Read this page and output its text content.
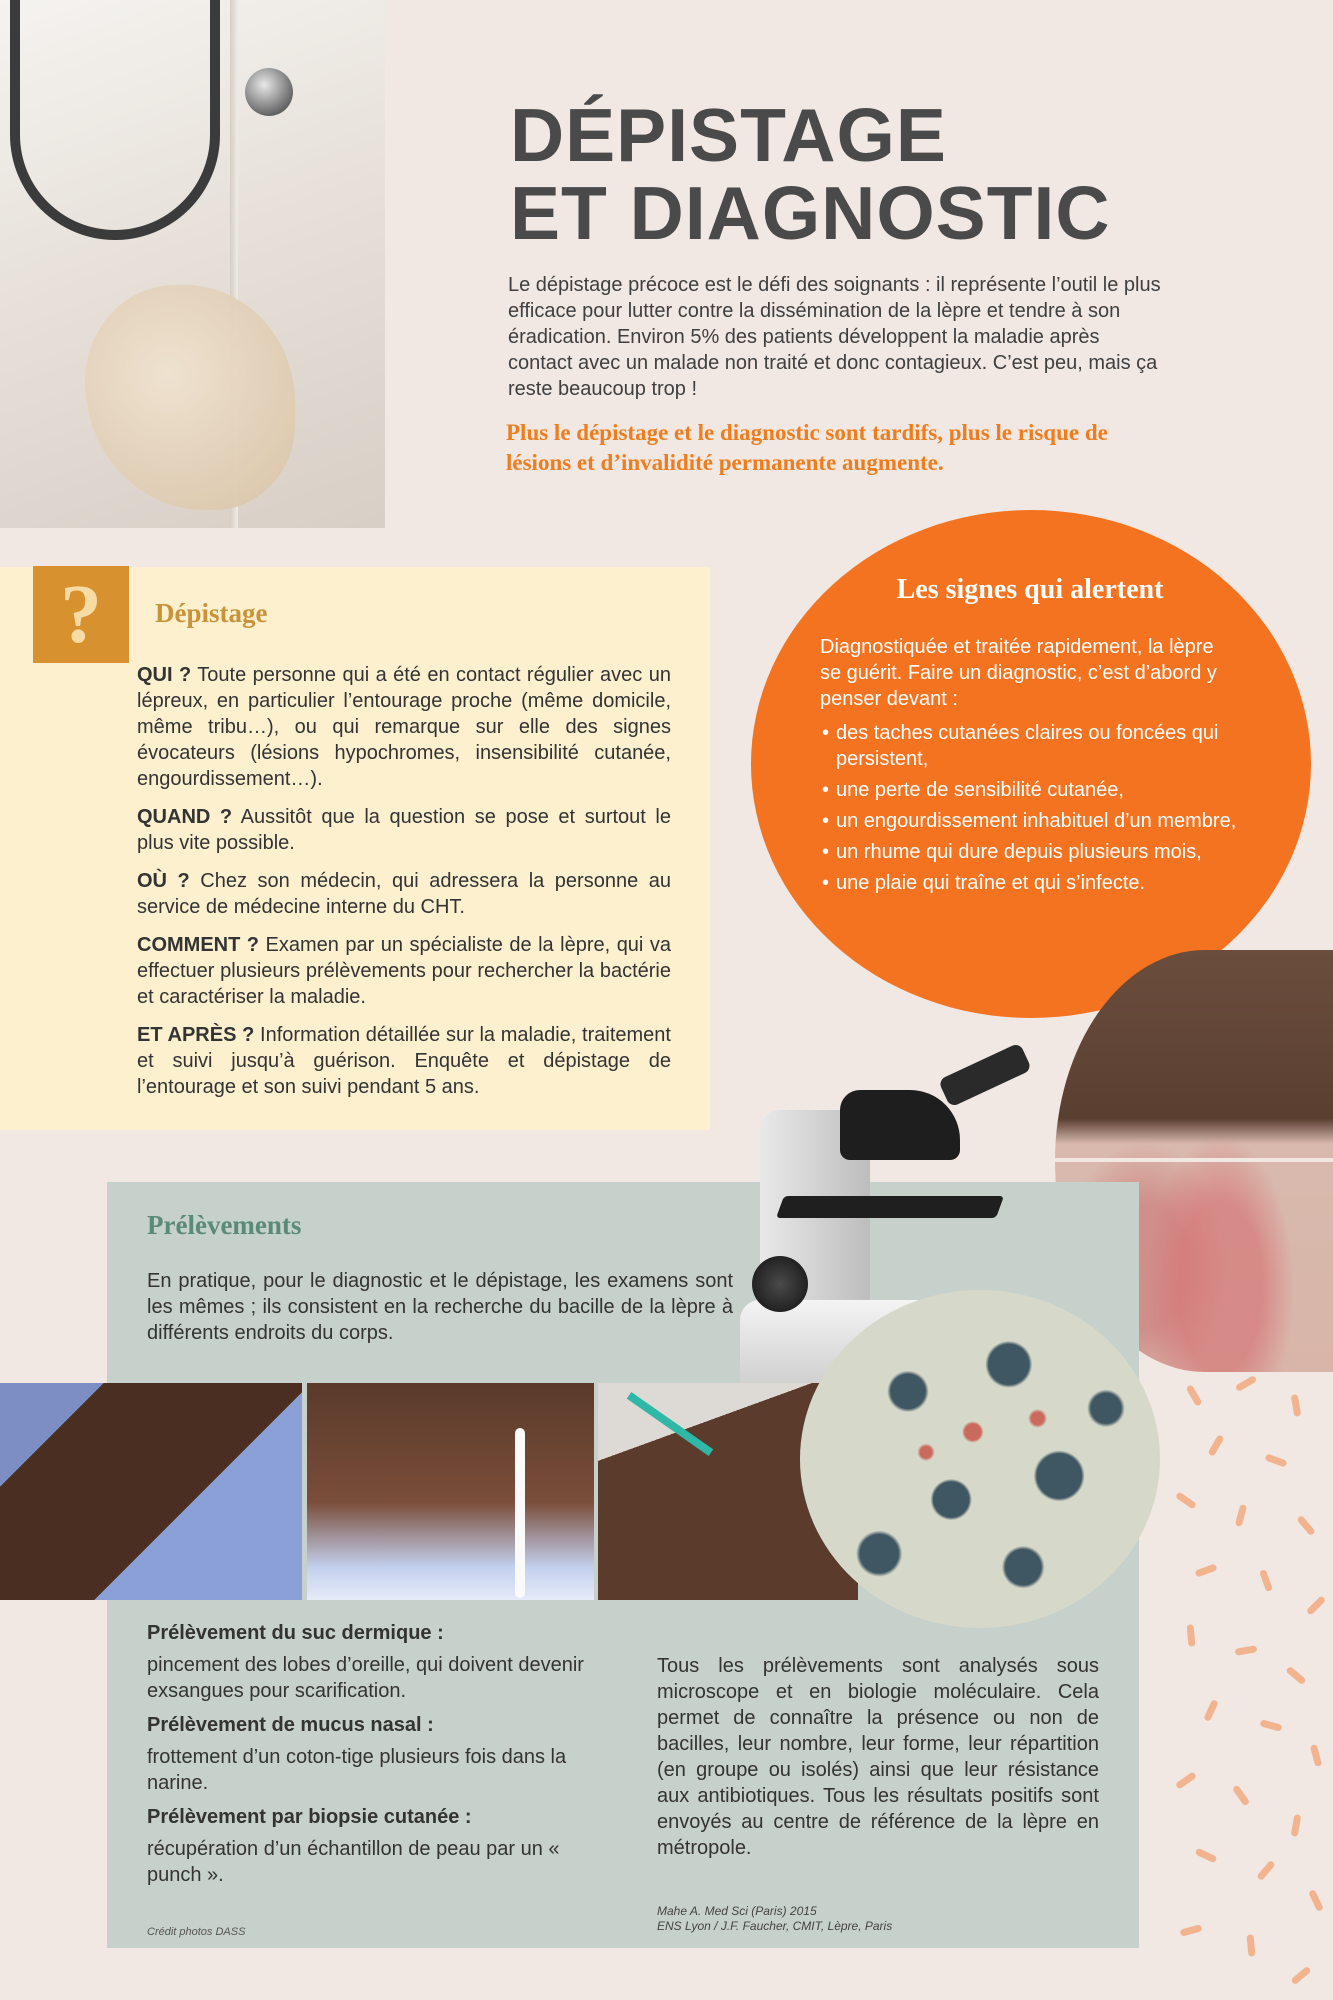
DÉPISTAGE
ET DIAGNOSTIC

Le dépistage précoce est le défi des soignants : il représente l’outil le plus efficace pour lutter contre la dissémination de la lèpre et tendre à son éradication. Environ 5% des patients développent la maladie après contact avec un malade non traité et donc contagieux. C’est peu, mais ça reste beaucoup trop !

Plus le dépistage et le diagnostic sont tardifs, plus le risque de lésions et d’invalidité permanente augmente.

?	Dépistage

QUI ? Toute personne qui a été en contact régulier avec un lépreux, en particulier l’entourage proche (même domicile, même tribu…), ou qui remarque sur elle des signes évocateurs (lésions hypochromes, insensibilité cutanée, engourdissement…).

QUAND ? Aussitôt que la question se pose et surtout le plus vite possible.

OÙ ? Chez son médecin, qui adressera la personne au service de médecine interne du CHT.

COMMENT ? Examen par un spécialiste de la lèpre, qui va effectuer plusieurs prélèvements pour rechercher la bactérie et caractériser la maladie.

ET APRÈS ? Information détaillée sur la maladie, traitement et suivi jusqu’à guérison. Enquête et dépistage de l’entourage et son suivi pendant 5 ans.

Les signes qui alertent

Diagnostiquée et traitée rapidement, la lèpre se guérit. Faire un diagnostic, c’est d’abord y penser devant :

• des taches cutanées claires ou foncées qui persistent,
• une perte de sensibilité cutanée,
• un engourdissement inhabituel d’un membre,
• un rhume qui dure depuis plusieurs mois,
• une plaie qui traîne et qui s’infecte.
Prélèvements

En pratique, pour le diagnostic et le dépistage, les examens sont les mêmes ; ils consistent en la recherche du bacille de la lèpre à différents endroits du corps.

Prélèvement du suc dermique :

pincement des lobes d’oreille, qui doivent devenir exsangues pour scarification.

Prélèvement de mucus nasal :

frottement d’un coton-tige plusieurs fois dans la narine.

Prélèvement par biopsie cutanée :

récupération d’un échantillon de peau par un « punch ».

Tous les prélèvements sont analysés sous microscope et en biologie moléculaire. Cela permet de connaître la présence ou non de bacilles, leur nombre, leur forme, leur répartition (en groupe ou isolés) ainsi que leur résistance aux antibiotiques. Tous les résultats positifs sont envoyés au centre de référence de la lèpre en métropole.

Mahe A. Med Sci (Paris) 2015
ENS Lyon / J.F. Faucher, CMIT, Lèpre, Paris
Crédit photos DASS
